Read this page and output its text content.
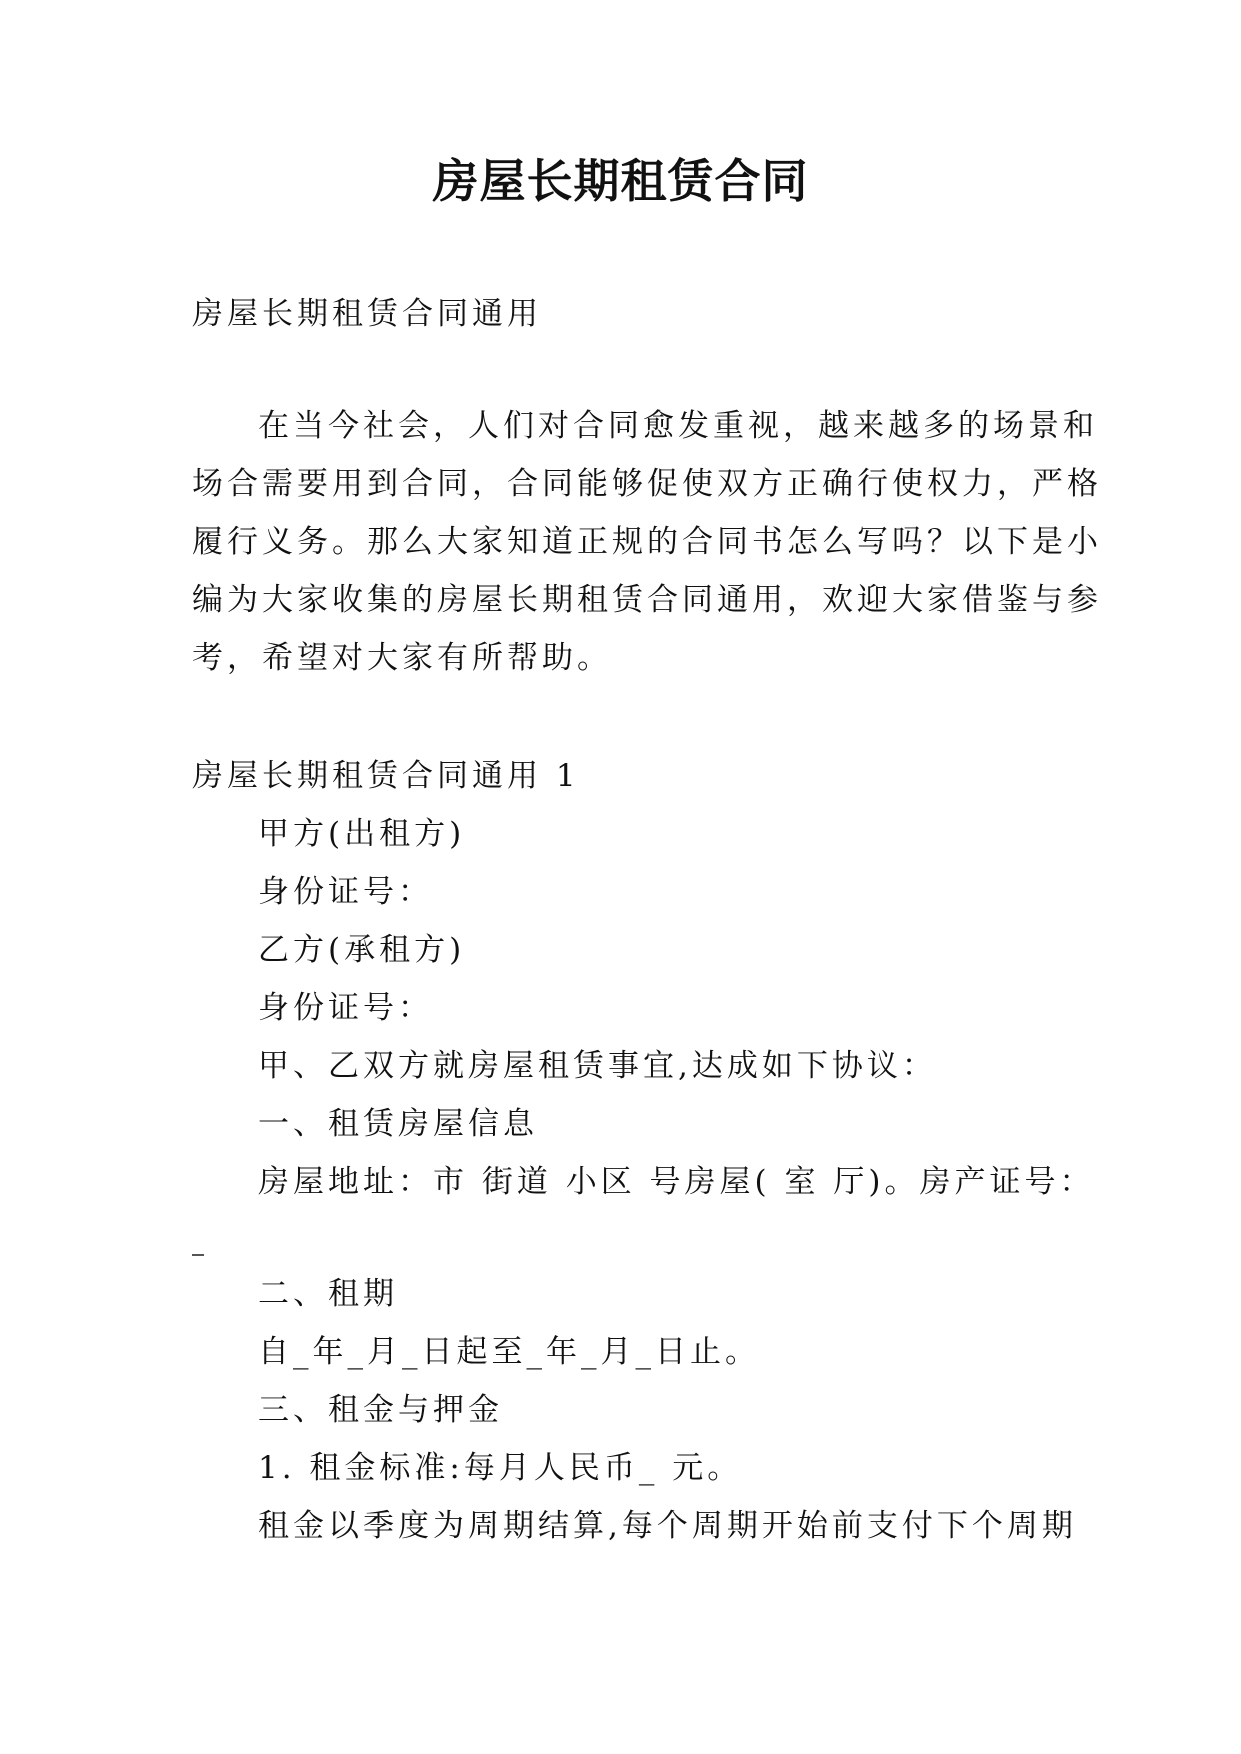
房屋长期租赁合同
房屋长期租赁合同通用
在当今社会，人们对合同愈发重视，越来越多的场景和
场合需要用到合同，合同能够促使双方正确行使权力，严格
履行义务。那么大家知道正规的合同书怎么写吗？以下是小
编为大家收集的房屋长期租赁合同通用，欢迎大家借鉴与参
考，希望对大家有所帮助。
房屋长期租赁合同通用 1
甲方(出租方)
身份证号：
乙方(承租方)
身份证号：
甲、乙双方就房屋租赁事宜,达成如下协议：
一、租赁房屋信息
房屋地址：市 街道 小区 号房屋( 室 厅)。房产证号：
二、租期
自_年_月_日起至_年_月_日止。
三、租金与押金
1. 租金标准:每月人民币_ 元。
租金以季度为周期结算,每个周期开始前支付下个周期
